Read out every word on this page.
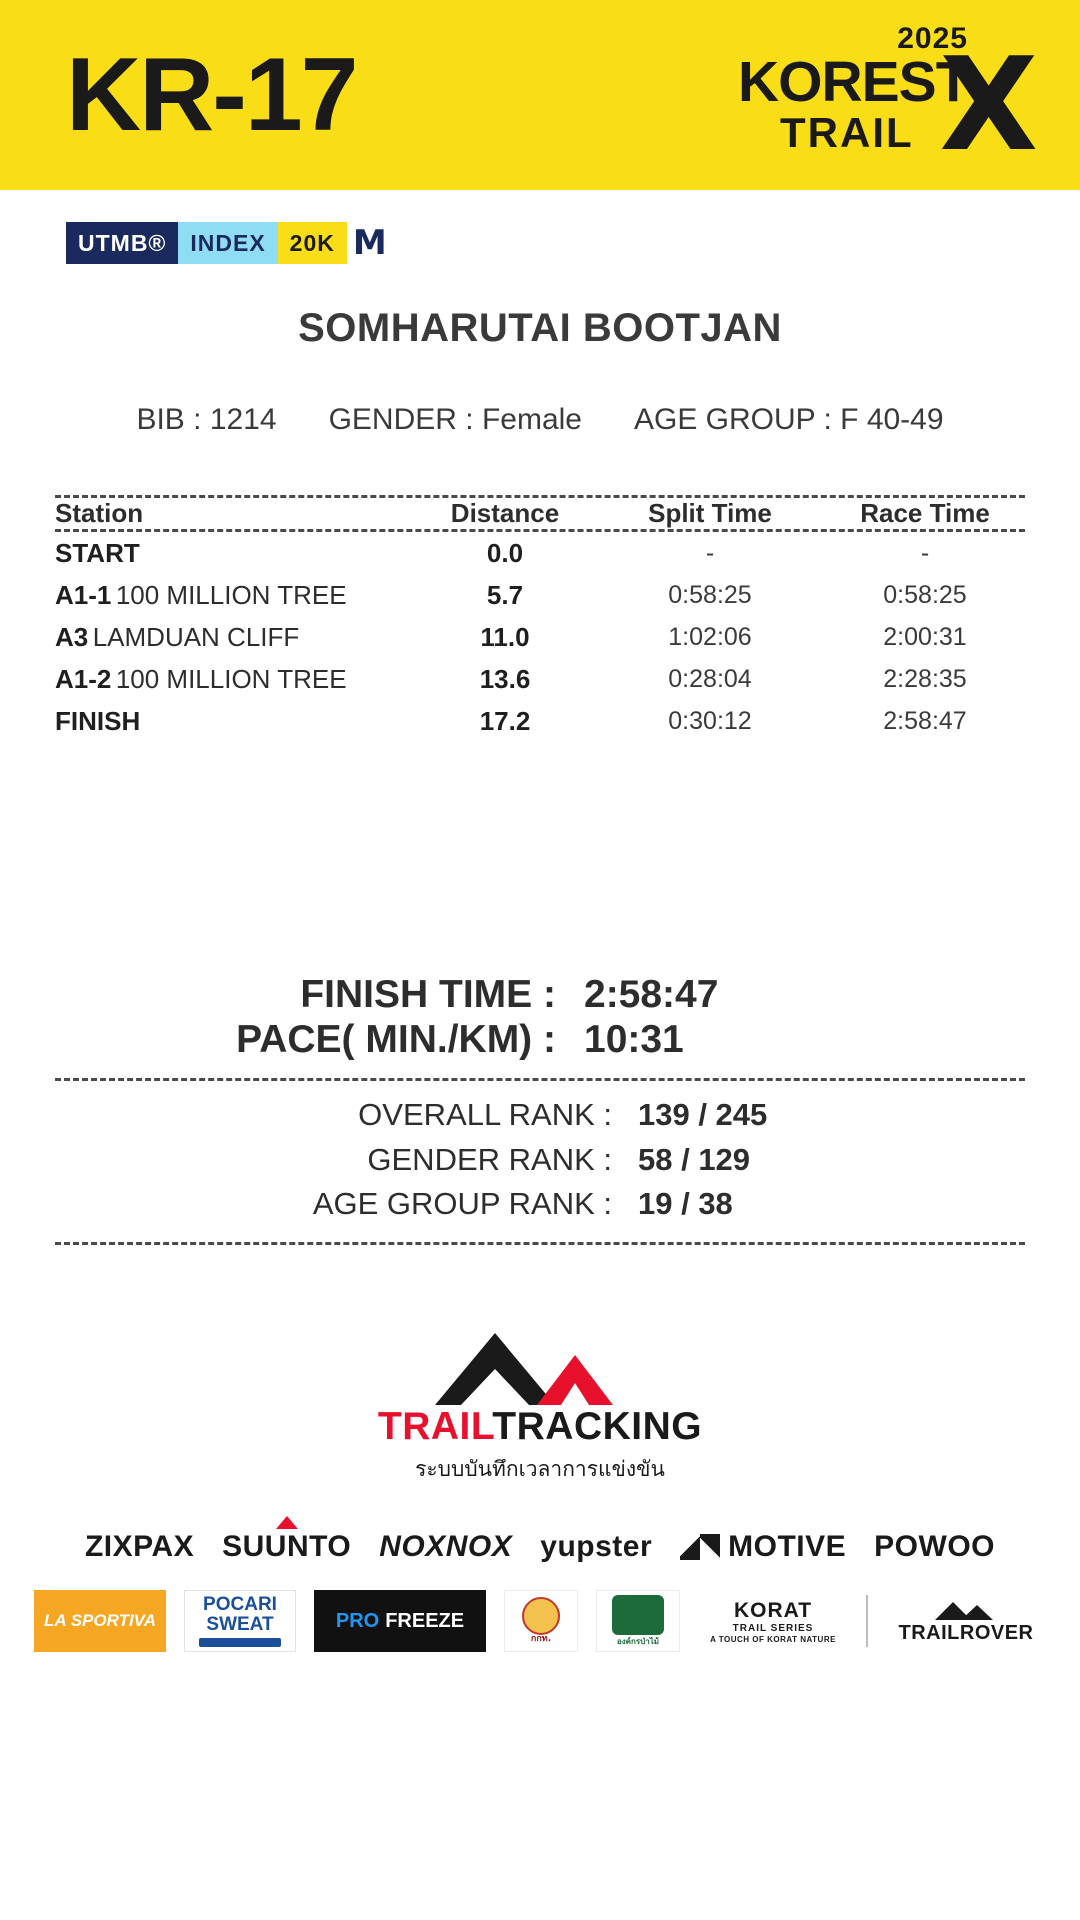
KR-17	2025
KOREST
TRAIL X
UTMB®	INDEX	20K M
SOMHARUTAI BOOTJAN
BIB : 1214 GENDER : Female AGE GROUP : F 40-49
Station	Distance	Split Time	Race Time	
START	0.0	-	-	
A1-1 100 MILLION TREE	5.7	0:58:25	0:58:25	
A3 LAMDUAN CLIFF	11.0	1:02:06	2:00:31	
A1-2 100 MILLION TREE	13.6	0:28:04	2:28:35	
FINISH	17.2	0:30:12	2:58:47	
FINISH TIME : 2:58:47
PACE( MIN./KM) : 10:31
OVERALL RANK : 139 / 245
GENDER RANK : 58 / 129
AGE GROUP RANK : 19 / 38
TRAILTRACKING
ระบบบันทึกเวลาการแข่งขัน
ZIXPAX SUUNTO NOXNOX yupster	MOTIVE POWOO
LA SPORTIVA
POCARI
SWEAT	PRO FREEZE
กกท.	องค์กรป่าไม้
KORAT
TRAIL SERIES
A TOUCH OF KORAT NATURE	TRAILROVER
